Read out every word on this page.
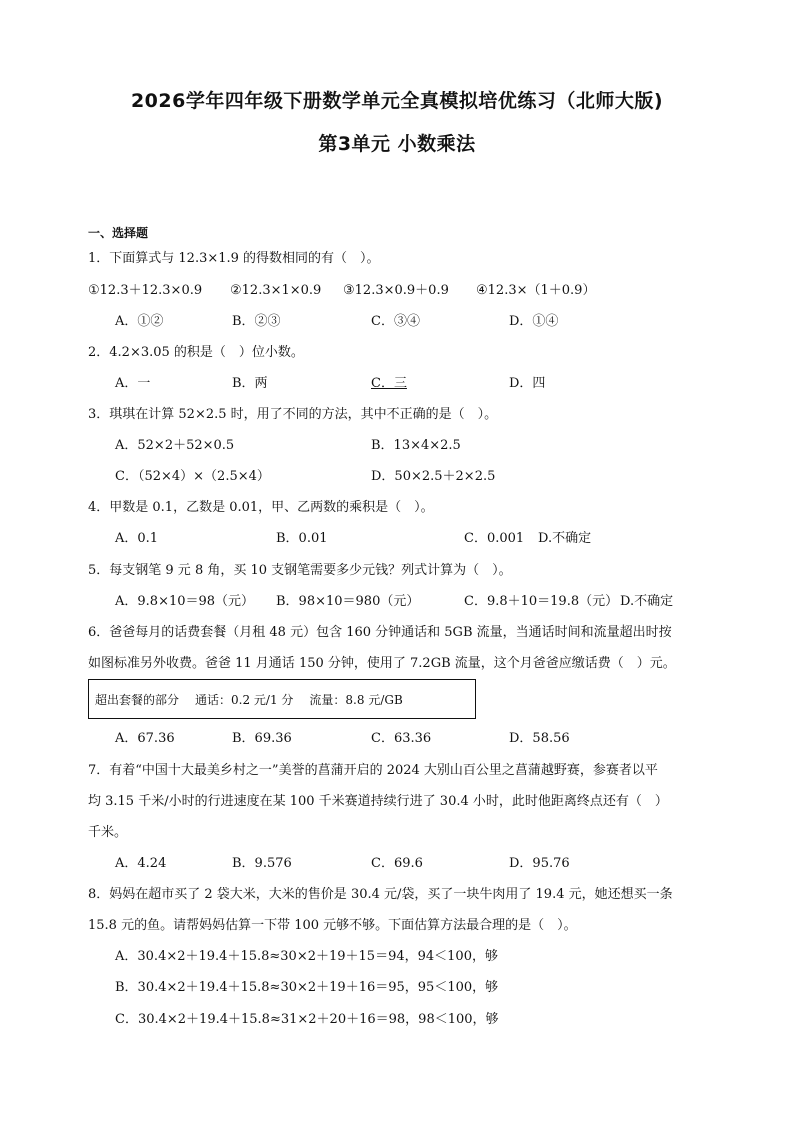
2026学年四年级下册数学单元全真模拟培优练习（北师大版)
第3单元 小数乘法
一、选择题
1．下面算式与 12.3×1.9 的得数相同的有（　）。
①12.3＋12.3×0.9 ②12.3×1×0.9 ③12.3×0.9＋0.9 ④12.3×（1＋0.9）
A．①②	B．②③	C．③④	D．①④
2．4.2×3.05 的积是（　）位小数。
A．一	B．两	C．三	D．四
3．琪琪在计算 52×2.5 时，用了不同的方法，其中不正确的是（　）。
A．52×2＋52×0.5	B．13×4×2.5
C．（52×4）×（2.5×4）	D．50×2.5＋2×2.5
4．甲数是 0.1，乙数是 0.01，甲、乙两数的乘积是（　）。
A．0.1	B．0.01	C．0.001 D.不确定
5．每支钢笔 9 元 8 角，买 10 支钢笔需要多少元钱？列式计算为（　）。
A．9.8×10＝98（元） B．98×10＝980（元）	C．9.8＋10＝19.8（元） D.不确定
6．爸爸每月的话费套餐（月租 48 元）包含 160 分钟通话和 5GB 流量，当通话时间和流量超出时按
如图标准另外收费。爸爸 11 月通话 150 分钟，使用了 7.2GB 流量，这个月爸爸应缴话费（　）元。
超出套餐的部分 通话：0.2 元/1 分 流量：8.8 元/GB
A．67.36	B．69.36	C．63.36	D．58.56
7．有着“中国十大最美乡村之一”美誉的菖蒲开启的 2024 大别山百公里之菖蒲越野赛，参赛者以平
均 3.15 千米/小时的行进速度在某 100 千米赛道持续行进了 30.4 小时，此时他距离终点还有（　）
千米。
A．4.24	B．9.576	C．69.6	D．95.76
8．妈妈在超市买了 2 袋大米，大米的售价是 30.4 元/袋，买了一块牛肉用了 19.4 元，她还想买一条
15.8 元的鱼。请帮妈妈估算一下带 100 元够不够。下面估算方法最合理的是（　）。
A．30.4×2＋19.4＋15.8≈30×2＋19＋15＝94，94＜100，够
B．30.4×2＋19.4＋15.8≈30×2＋19＋16＝95，95＜100，够
C．30.4×2＋19.4＋15.8≈31×2＋20＋16＝98，98＜100，够
